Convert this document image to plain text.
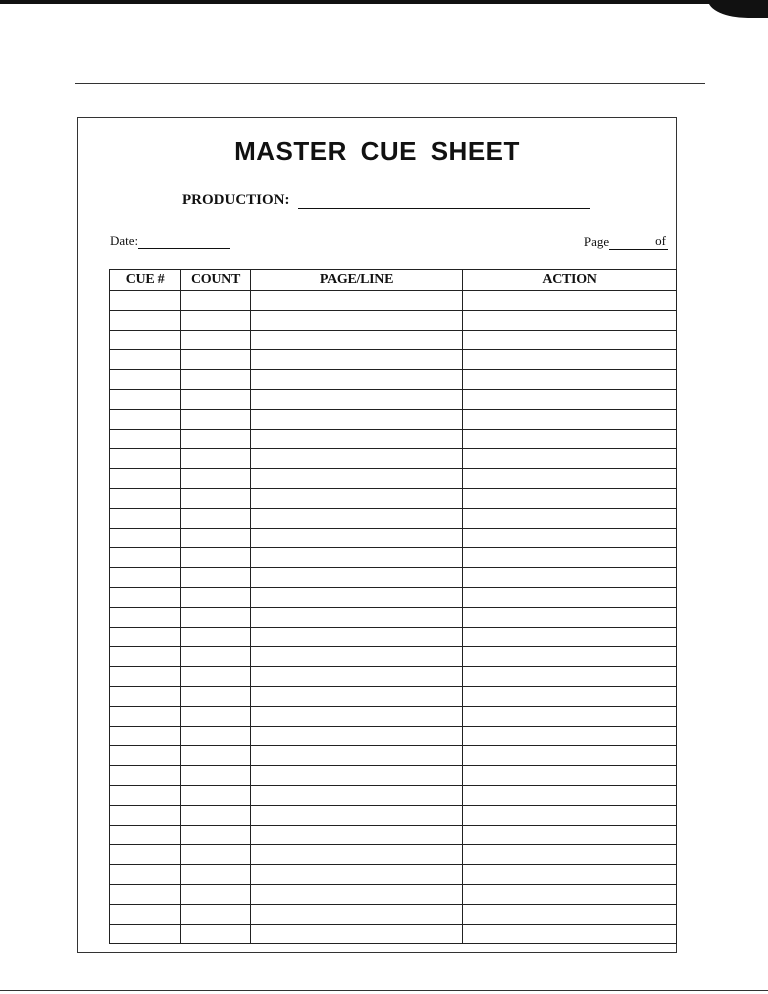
MASTER CUE SHEET
PRODUCTION:
Date:	Page	of
CUE #	COUNT	PAGE/LINE	ACTION
